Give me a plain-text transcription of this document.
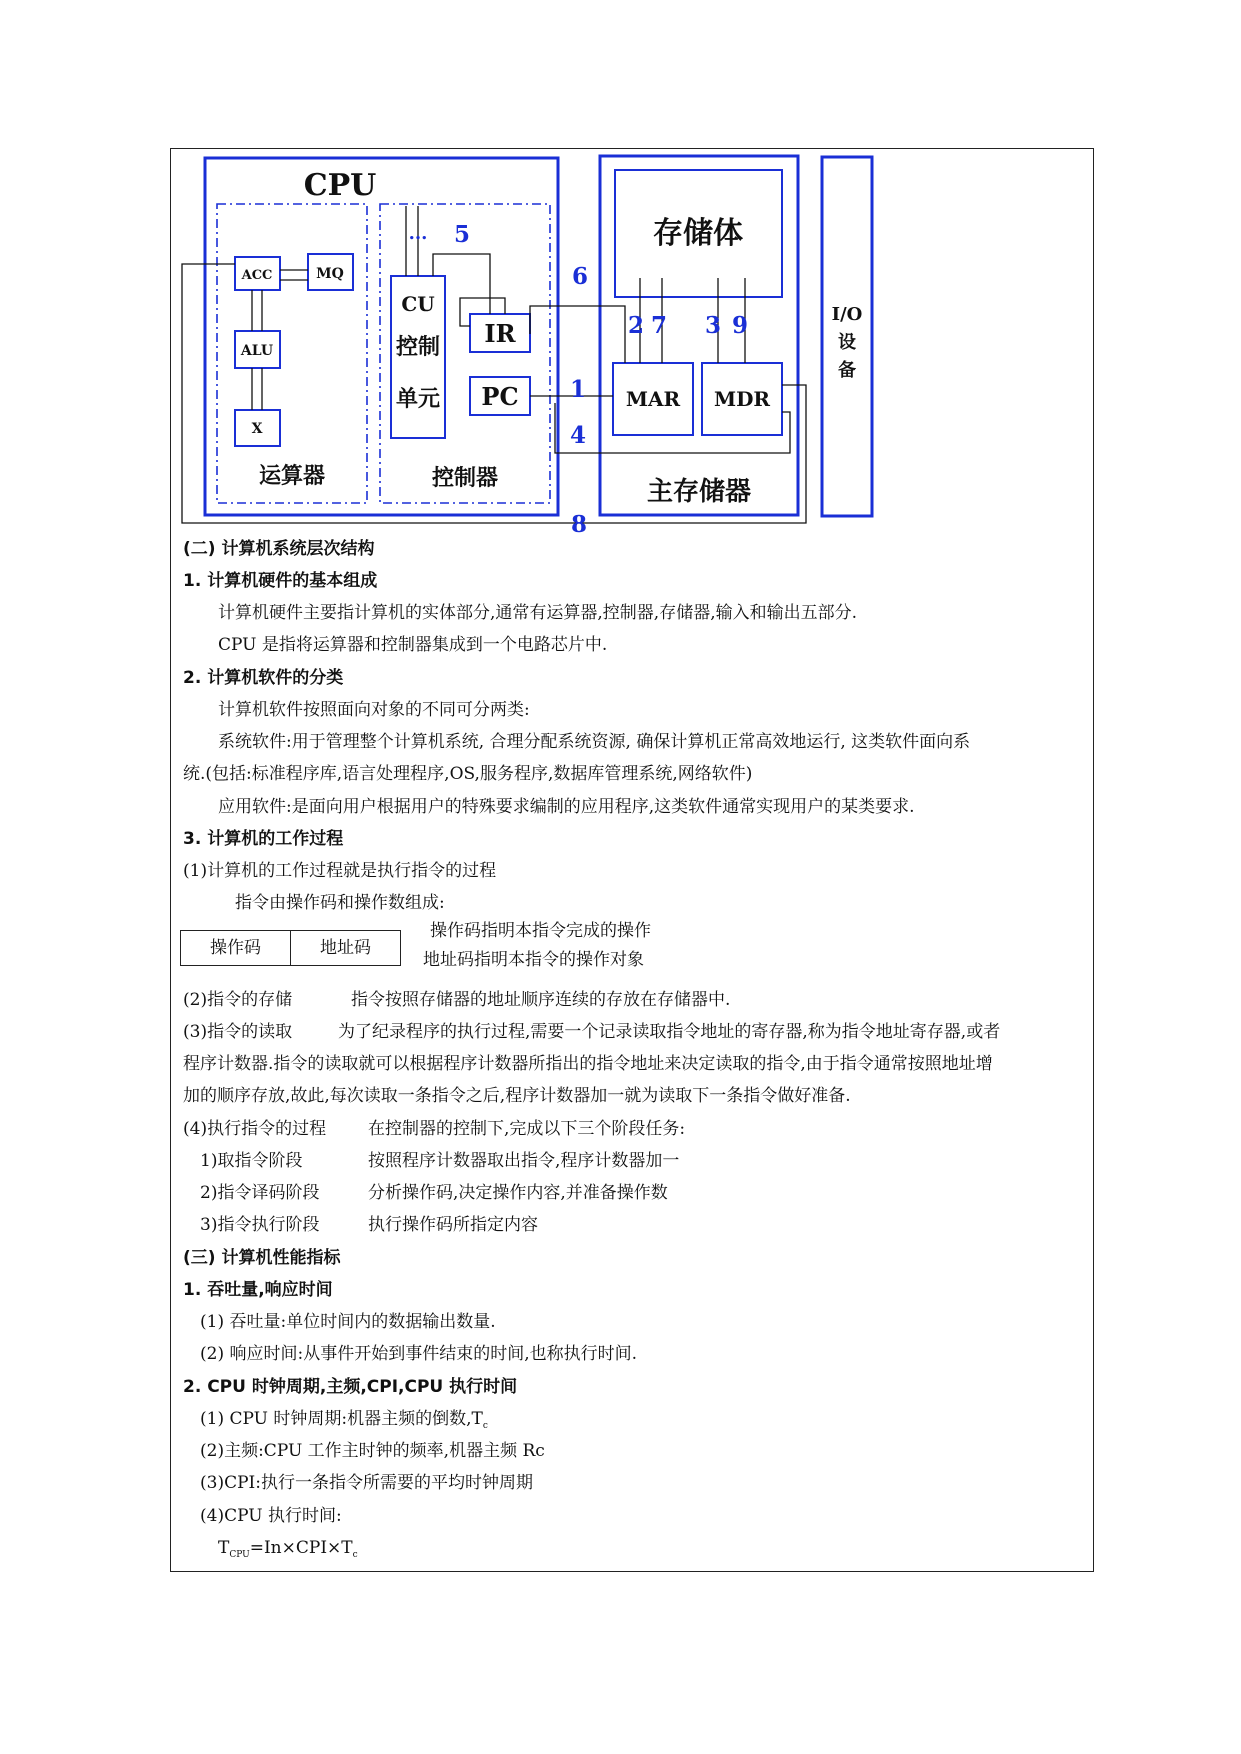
CPU
ACC	MQ
ALU
X
运算器
...
CU
控制
单元
IR
PC
控制器
存储体
MAR MDR
主存储器
I/O
设
备
1
2	3
4
5
6
7
8
9
(二) 计算机系统层次结构
1. 计算机硬件的基本组成
计算机硬件主要指计算机的实体部分,通常有运算器,控制器,存储器,输入和输出五部分.
CPU 是指将运算器和控制器集成到一个电路芯片中.
2. 计算机软件的分类
计算机软件按照面向对象的不同可分两类:
系统软件:用于管理整个计算机系统, 合理分配系统资源, 确保计算机正常高效地运行, 这类软件面向系
统.(包括:标准程序库,语言处理程序,OS,服务程序,数据库管理系统,网络软件)
应用软件:是面向用户根据用户的特殊要求编制的应用程序,这类软件通常实现用户的某类要求.
3. 计算机的工作过程
(1)计算机的工作过程就是执行指令的过程
指令由操作码和操作数组成:
操作码	地址码
操作码指明本指令完成的操作
地址码指明本指令的操作对象
(2)指令的存储	指令按照存储器的地址顺序连续的存放在存储器中.
(3)指令的读取	为了纪录程序的执行过程,需要一个记录读取指令地址的寄存器,称为指令地址寄存器,或者
程序计数器.指令的读取就可以根据程序计数器所指出的指令地址来决定读取的指令,由于指令通常按照地址增
加的顺序存放,故此,每次读取一条指令之后,程序计数器加一就为读取下一条指令做好准备.
(4)执行指令的过程 在控制器的控制下,完成以下三个阶段任务:
1)取指令阶段	按照程序计数器取出指令,程序计数器加一
2)指令译码阶段	分析操作码,决定操作内容,并准备操作数
3)指令执行阶段	执行操作码所指定内容
(三) 计算机性能指标
1. 吞吐量,响应时间
(1) 吞吐量:单位时间内的数据输出数量.
(2) 响应时间:从事件开始到事件结束的时间,也称执行时间.
2. CPU 时钟周期,主频,CPI,CPU 执行时间
(1) CPU 时钟周期:机器主频的倒数$,T_c$
(2)主频:CPU 工作主时钟的频率,机器主频 Rc
(3)CPI:执行一条指令所需要的平均时钟周期
(4)CPU 执行时间:
$T_{CPU}=In\times CPI\times T_c$
